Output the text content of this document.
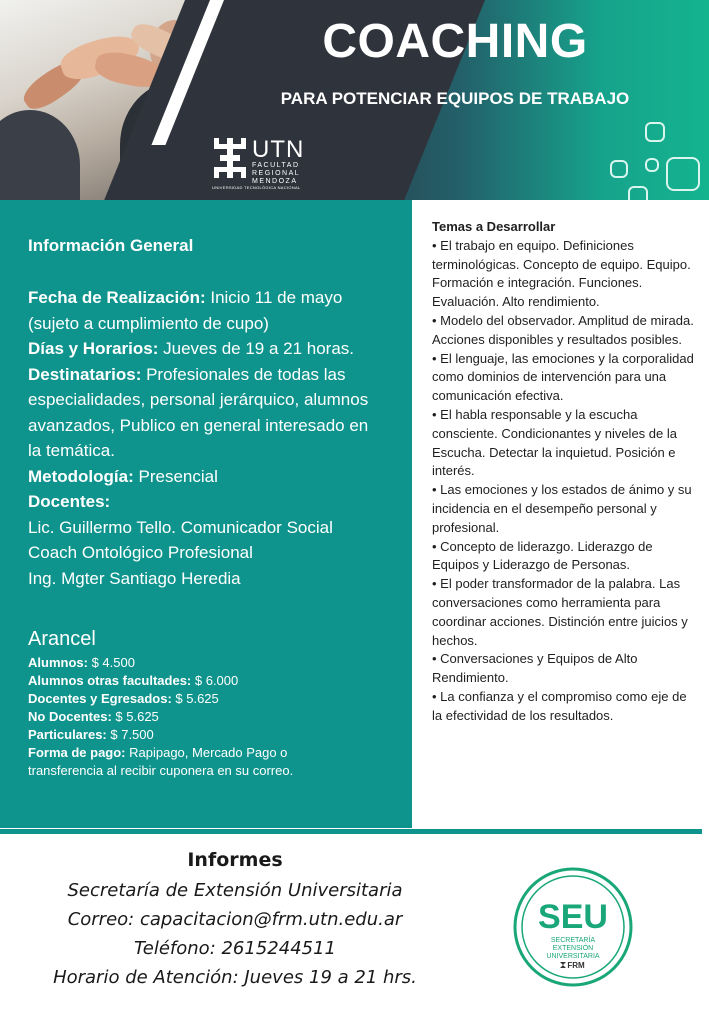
COACHING
PARA POTENCIAR EQUIPOS DE TRABAJO
UTN
FACULTAD
REGIONAL
MENDOZA
UNIVERSIDAD TECNOLÓGICA NACIONAL
Información General

Fecha de Realización: Inicio 11 de mayo (sujeto a cumplimiento de cupo)

Días y Horarios: Jueves de 19 a 21 horas.

Destinatarios: Profesionales de todas las especialidades, personal jerárquico, alumnos avanzados, Publico en general interesado en la temática.

Metodología: Presencial

Docentes:

Lic. Guillermo Tello. Comunicador Social

Coach Ontológico Profesional

Ing. Mgter Santiago Heredia

Arancel

Alumnos: $ 4.500

Alumnos otras facultades: $ 6.000

Docentes y Egresados: $ 5.625

No Docentes: $ 5.625

Particulares: $ 7.500

Forma de pago: Rapipago, Mercado Pago o transferencia al recibir cuponera en su correo.

Temas a Desarrollar
• El trabajo en equipo. Definiciones terminológicas. Concepto de equipo. Equipo. Formación e integración. Funciones. Evaluación. Alto rendimiento.
• Modelo del observador. Amplitud de mirada. Acciones disponibles y resultados posibles.
• El lenguaje, las emociones y la corporalidad como dominios de intervención para una comunicación efectiva.
• El habla responsable y la escucha consciente. Condicionantes y niveles de la Escucha. Detectar la inquietud. Posición e interés.
• Las emociones y los estados de ánimo y su incidencia en el desempeño personal y profesional.
• Concepto de liderazgo. Liderazgo de Equipos y Liderazgo de Personas.
• El poder transformador de la palabra. Las conversaciones como herramienta para coordinar acciones. Distinción entre juicios y hechos.
• Conversaciones y Equipos de Alto Rendimiento.
• La confianza y el compromiso como eje de la efectividad de los resultados.
Informes

Secretaría de Extensión Universitaria

Correo: capacitacion@frm.utn.edu.ar

Teléfono: 2615244511

Horario de Atención: Jueves 19 a 21 hrs.

SEU
SECRETARÍA
EXTENSIÓN
UNIVERSITARIA
FRM
